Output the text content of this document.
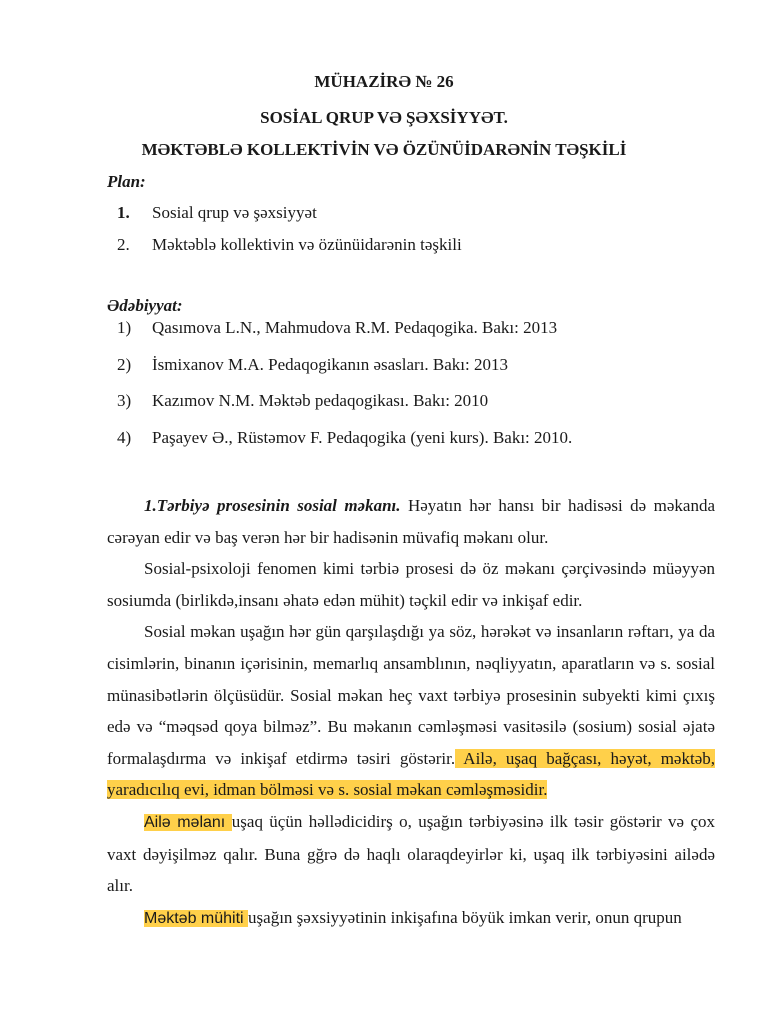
MÜHAZİRƏ № 26
SOSİAL QRUP VƏ ŞƏXSİYYƏT.
MƏKTƏBLƏ KOLLEKTİVİN VƏ ÖZÜNÜİDARƏNİN TƏŞKİLİ
Plan:
1. Sosial qrup və şəxsiyyət
2. Məktəblə kollektivin və özünüidarənin təşkili
Ədəbiyyat:
1) Qasımova L.N., Mahmudova R.M. Pedaqogika. Bakı: 2013
2) İsmixanov M.A. Pedaqogikanın əsasları. Bakı: 2013
3) Kazımov N.M. Məktəb pedaqogikası. Bakı: 2010
4) Paşayev Ə., Rüstəmov F. Pedaqogika (yeni kurs). Bakı: 2010.

1.Tərbiyə prosesinin sosial məkanı. Həyatın hər hansı bir hadisəsi də məkanda cərəyan edir və baş verən hər bir hadisənin müvafiq məkanı olur.

Sosial-psixoloji fenomen kimi tərbiə prosesi də öz məkanı çərçivəsində müəyyən sosiumda (birlikdə,insanı əhatə edən mühit) təçkil edir və inkişaf edir.

Sosial məkan uşağın hər gün qarşılaşdığı ya söz, hərəkət və insanların rəftarı, ya da cisimlərin, binanın içərisinin, memarlıq ansamblının, nəqliyyatın, aparatların və s. sosial münasibətlərin ölçüsüdür. Sosial məkan heç vaxt tərbiyə prosesinin subyekti kimi çıxış edə və “məqsəd qoya bilməz”. Bu məkanın cəmləşməsi vasitəsilə (sosium) sosial əjatə formalaşdırma və inkişaf etdirmə təsiri göstərir. Ailə, uşaq bağçası, həyət, məktəb, yaradıcılıq evi, idman bölməsi və s. sosial məkan cəmləşməsidir.

Ailə məlanı uşaq üçün həllədicidirş o, uşağın tərbiyəsinə ilk təsir göstərir və çox vaxt dəyişilməz qalır. Buna gğrə də haqlı olaraqdeyirlər ki, uşaq ilk tərbiyəsini ailədə alır.

Məktəb mühiti uşağın şəxsiyyətinin inkişafına böyük imkan verir, onun qrupun
